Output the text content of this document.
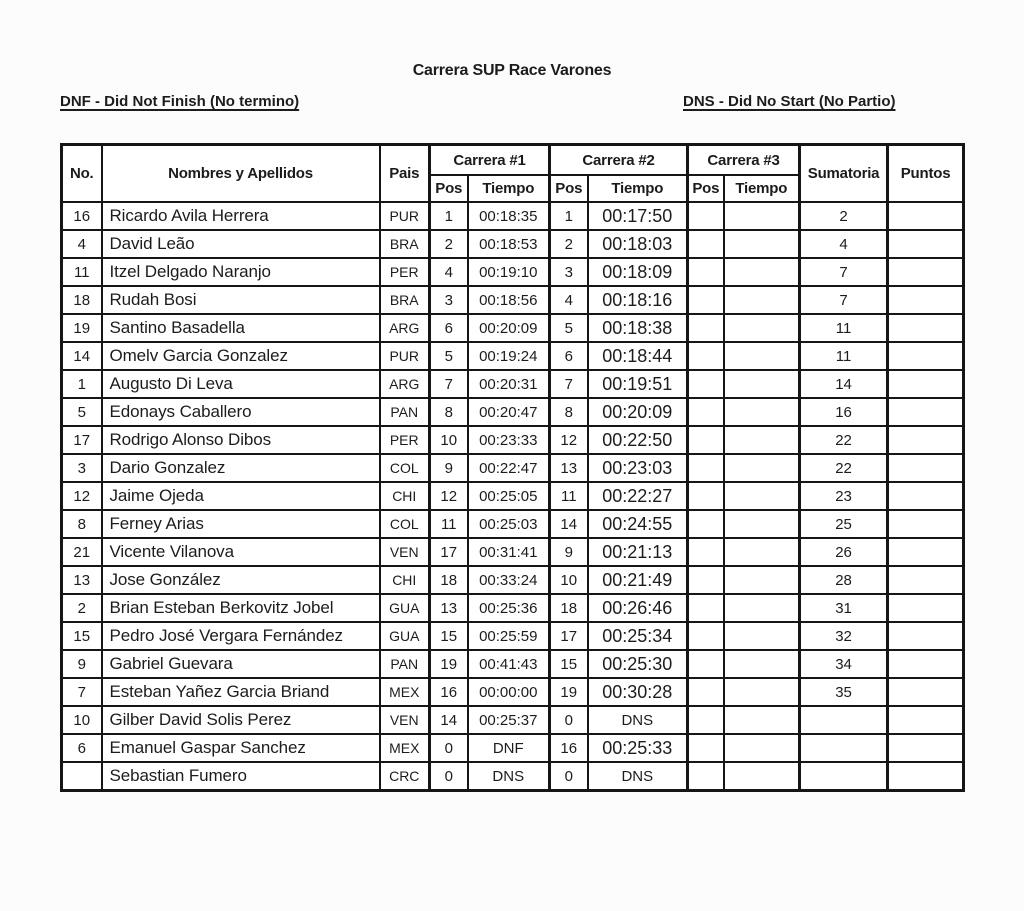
Carrera SUP Race Varones
DNF - Did Not Finish (No termino)	DNS - Did No Start (No Partio)
No.	Nombres y Apellidos	Pais	Carrera #1		Carrera #2		Carrera #3		Sumatoria	Puntos
			Pos	Tiempo	Pos	Tiempo	Pos	Tiempo		
16	Ricardo Avila Herrera	PUR	1	00:18:35	1	00:17:50			2	
4	David Leão	BRA	2	00:18:53	2	00:18:03			4	
11	Itzel Delgado Naranjo	PER	4	00:19:10	3	00:18:09			7	
18	Rudah Bosi	BRA	3	00:18:56	4	00:18:16			7	
19	Santino Basadella	ARG	6	00:20:09	5	00:18:38			11	
14	Omelv Garcia Gonzalez	PUR	5	00:19:24	6	00:18:44			11	
1	Augusto Di Leva	ARG	7	00:20:31	7	00:19:51			14	
5	Edonays Caballero	PAN	8	00:20:47	8	00:20:09			16	
17	Rodrigo Alonso Dibos	PER	10	00:23:33	12	00:22:50			22	
3	Dario Gonzalez	COL	9	00:22:47	13	00:23:03			22	
12	Jaime Ojeda	CHI	12	00:25:05	11	00:22:27			23	
8	Ferney Arias	COL	11	00:25:03	14	00:24:55			25	
21	Vicente Vilanova	VEN	17	00:31:41	9	00:21:13			26	
13	Jose González	CHI	18	00:33:24	10	00:21:49			28	
2	Brian Esteban Berkovitz Jobel	GUA	13	00:25:36	18	00:26:46			31	
15	Pedro José Vergara Fernández	GUA	15	00:25:59	17	00:25:34			32	
9	Gabriel Guevara	PAN	19	00:41:43	15	00:25:30			34	
7	Esteban Yañez Garcia Briand	MEX	16	00:00:00	19	00:30:28			35	
10	Gilber David Solis Perez	VEN	14	00:25:37	0	DNS				
6	Emanuel Gaspar Sanchez	MEX	0	DNF	16	00:25:33				
	Sebastian Fumero	CRC	0	DNS	0	DNS				
